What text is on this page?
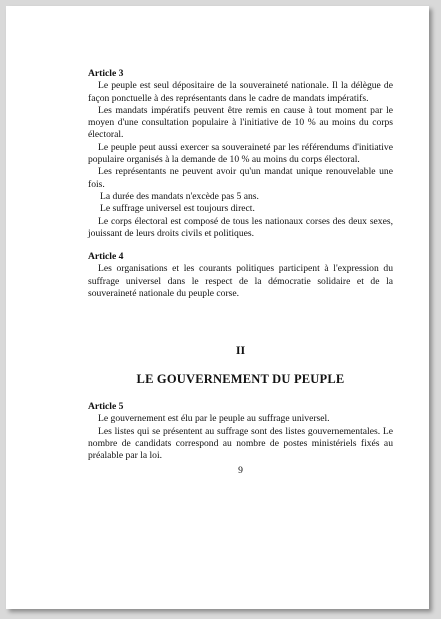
Article 3

Le peuple est seul dépositaire de la souveraineté nationale. Il la délègue de façon ponctuelle à des représentants dans le cadre de mandats impératifs.

Les mandats impératifs peuvent être remis en cause à tout moment par le moyen d'une consultation populaire à l'initiative de 10 % au moins du corps électoral.

Le peuple peut aussi exercer sa souveraineté par les référendums d'initiative populaire organisés à la demande de 10 % au moins du corps électoral.

Les représentants ne peuvent avoir qu'un mandat unique renouvelable une fois.

La durée des mandats n'excède pas 5 ans.

Le suffrage universel est toujours direct.

Le corps électoral est composé de tous les nationaux corses des deux sexes, jouissant de leurs droits civils et politiques.

Article 4

Les organisations et les courants politiques participent à l'expression du suffrage universel dans le respect de la démocratie solidaire et de la souveraineté nationale du peuple corse.

II
LE GOUVERNEMENT DU PEUPLE

Article 5

Le gouvernement est élu par le peuple au suffrage universel.

Les listes qui se présentent au suffrage sont des listes gouvernementales. Le nombre de candidats correspond au nombre de postes ministériels fixés au préalable par la loi.

9
